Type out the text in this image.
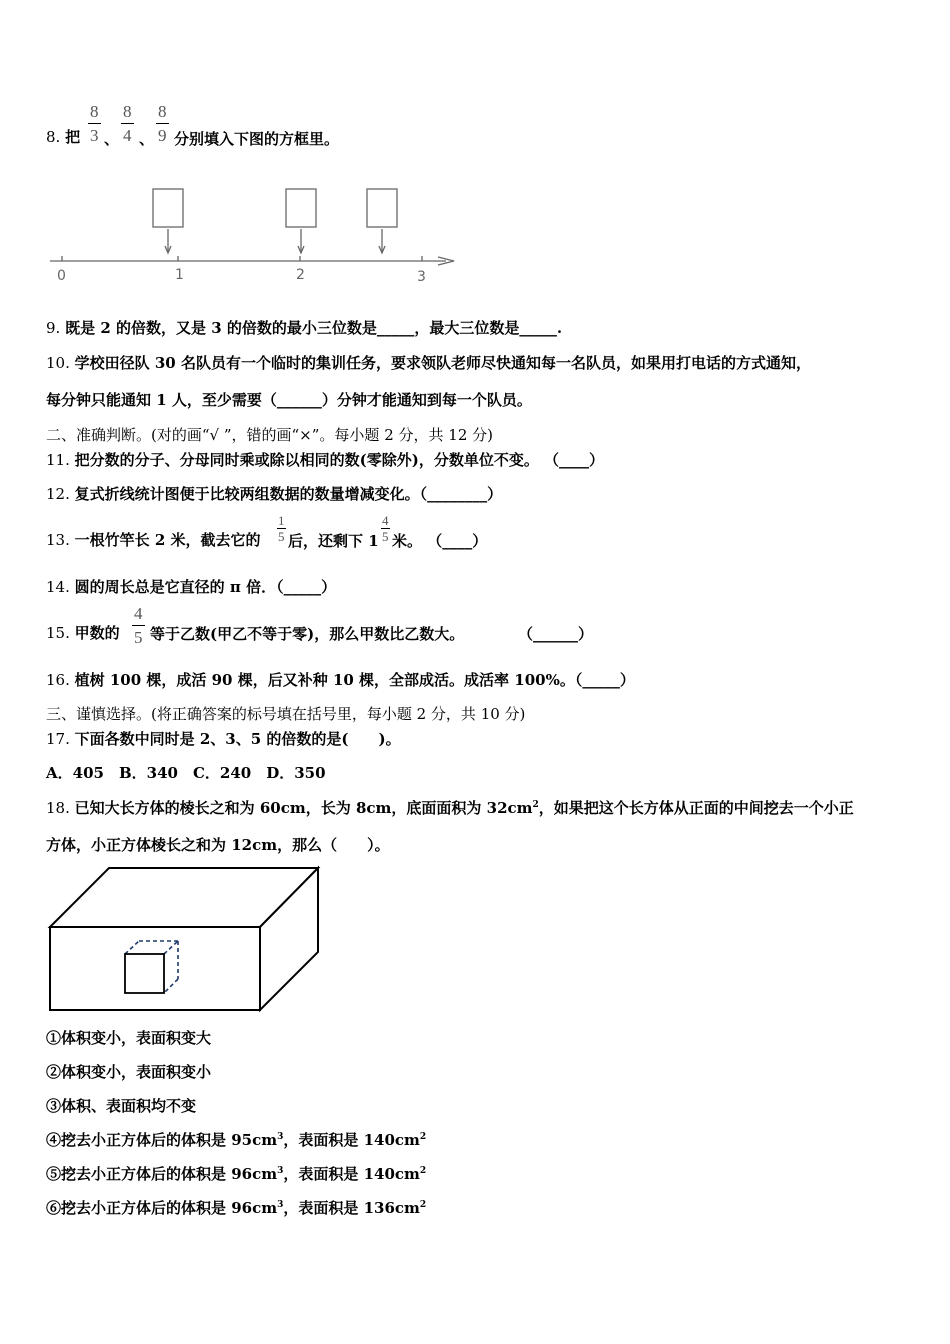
8. 把 $\frac{8}{3}$ 、 $\frac{8}{4}$ 、 $\frac{8}{9}$ 分别填入下图的方框里。
0	1	2	3
9. 既是 2 的倍数，又是 3 的倍数的最小三位数是_____，最大三位数是_____.
10. 学校田径队 30 名队员有一个临时的集训任务，要求领队老师尽快通知每一名队员，如果用打电话的方式通知，
每分钟只能通知 1 人，至少需要（______）分钟才能通知到每一个队员。
二、准确判断。(对的画“√ ”，错的画“×”。每小题 2 分，共 12 分)
11. 把分数的分子、分母同时乘或除以相同的数(零除外)，分数单位不变。 （____）
12. 复式折线统计图便于比较两组数据的数量增减变化。（________）
13. 一根竹竿长 2 米，截去它的 $\frac{1}{5}$ 后，还剩下 $1 \frac{4}{5}$ 米。 （____）
14. 圆的周长总是它直径的 π 倍．（_____）
15. 甲数的 $\frac{4}{5}$ 等于乙数(甲乙不等于零)，那么甲数比乙数大。	（______）
16. 植树 100 棵，成活 90 棵，后又补种 10 棵，全部成活。成活率 100%。（_____）
三、谨慎选择。(将正确答案的标号填在括号里，每小题 2 分，共 10 分)
17. 下面各数中同时是 2、3、5 的倍数的是(　　)。
A．405　B．340　C．240　D．350
18. 已知大长方体的棱长之和为 60cm，长为 8cm，底面面积为 $32cm^2$，如果把这个长方体从正面的中间挖去一个小正
方体，小正方体棱长之和为 12cm，那么（　　）。
①体积变小，表面积变大
②体积变小，表面积变小
③体积、表面积均不变
④挖去小正方体后的体积是 $95cm^3$，表面积是 $140cm^2$
⑤挖去小正方体后的体积是 $96cm^3$，表面积是 $140cm^2$
⑥挖去小正方体后的体积是 $96cm^3$，表面积是 $136cm^2$
